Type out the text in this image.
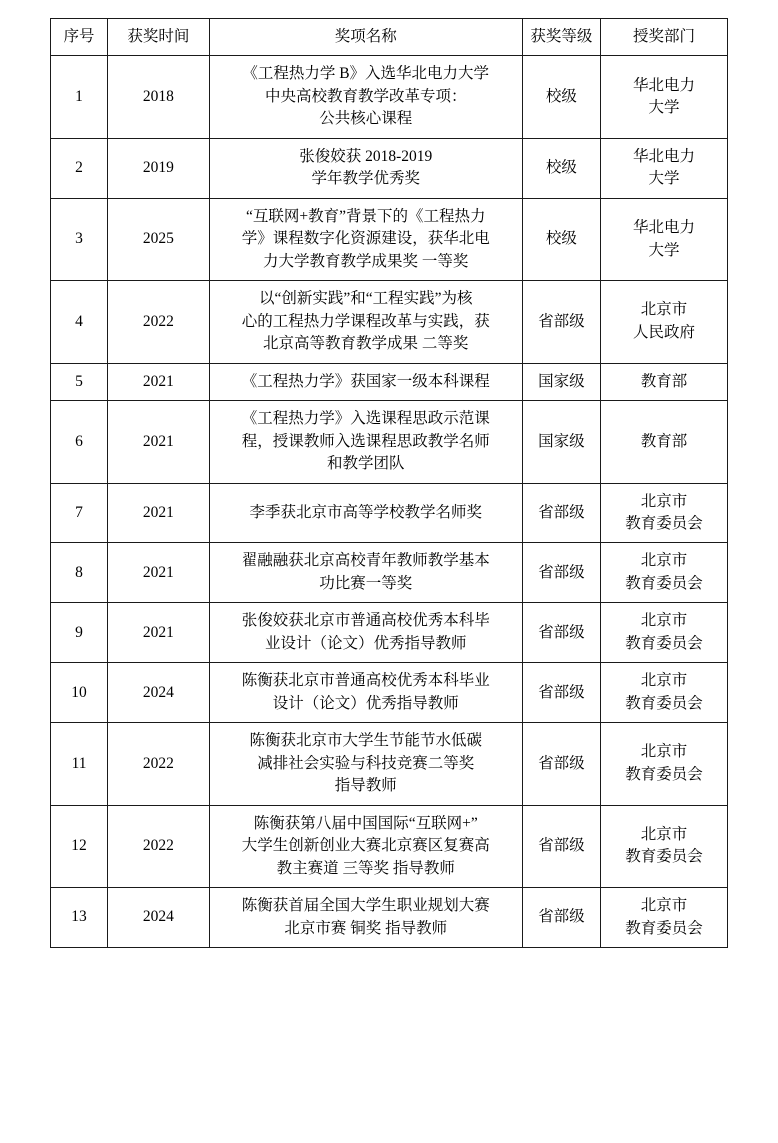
序号	获奖时间	奖项名称	获奖等级	授奖部门
1	2018	《工程热力学 B》入选华北电力大学
中央高校教育教学改革专项：
公共核心课程	校级	华北电力
大学

2	2019	张俊姣获 2018-2019
学年教学优秀奖	校级	华北电力
大学

3	2025	“互联网+教育”背景下的《工程热力
学》课程数字化资源建设，获华北电
力大学教育教学成果奖 一等奖	校级	华北电力
大学

4	2022	以“创新实践”和“工程实践”为核
心的工程热力学课程改革与实践，获
北京高等教育教学成果 二等奖	省部级	北京市
人民政府

5	2021	《工程热力学》获国家一级本科课程	国家级	教育部

6	2021	《工程热力学》入选课程思政示范课
程，授课教师入选课程思政教学名师
和教学团队	国家级	教育部

7	2021	李季获北京市高等学校教学名师奖	省部级	北京市
教育委员会

8	2021	翟融融获北京高校青年教师教学基本
功比赛一等奖	省部级	北京市
教育委员会

9	2021	张俊姣获北京市普通高校优秀本科毕
业设计（论文）优秀指导教师	省部级	北京市
教育委员会

10	2024	陈衡获北京市普通高校优秀本科毕业
设计（论文）优秀指导教师	省部级	北京市
教育委员会

11	2022	陈衡获北京市大学生节能节水低碳
减排社会实验与科技竞赛二等奖
指导教师	省部级	北京市
教育委员会

12	2022	陈衡获第八届中国国际“互联网+”
大学生创新创业大赛北京赛区复赛高
教主赛道 三等奖 指导教师	省部级	北京市
教育委员会

13	2024	陈衡获首届全国大学生职业规划大赛
北京市赛 铜奖 指导教师	省部级	北京市
教育委员会
